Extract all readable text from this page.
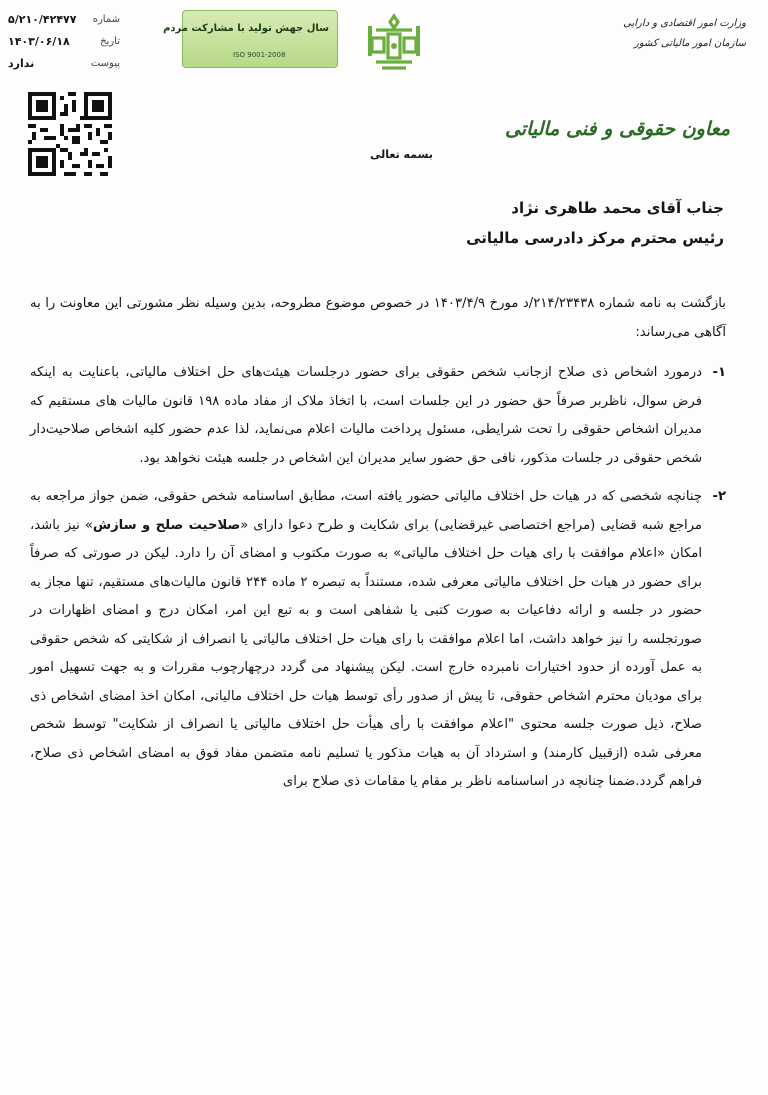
۵/۲۱۰/۴۲۴۷۷ شماره
۱۴۰۳/۰۶/۱۸	تاریخ
ندارد	پیوست
سال جهش تولید با مشارکت مردم
ISO 9001-2008
وزارت امور اقتصادی و دارایی
سازمان امور مالیاتی کشور
معاون حقوقی و فنی مالیاتی
بسمه تعالی
جناب آقای محمد طاهری نژاد
رئیس محترم مرکز دادرسی مالیاتی

بازگشت به نامه شماره ۲۱۴/۲۳۴۳۸/د مورخ ۱۴۰۳/۴/۹ در خصوص موضوع مطروحه، بدین وسیله نظر مشورتی این معاونت را به آگاهی می‌رساند:

۱-
درمورد اشخاص ذی صلاح ازجانب شخص حقوقی برای حضور درجلسات هیئت‌های حل اختلاف مالیاتی، باعنایت به اینکه فرض سوال، ناظربر صرفاً حق حضور در این جلسات است، با اتخاذ ملاک از مفاد ماده ۱۹۸ قانون مالیات های مستقیم که مدیران اشخاص حقوقی را تحت شرایطی، مسئول پرداخت مالیات اعلام می‌نماید، لذا عدم حضور کلیه اشخاص صلاحیت‌دار شخص حقوقی در جلسات مذکور، نافی حق حضور سایر مدیران این اشخاص در جلسه هیئت نخواهد بود.
۲-
چنانچه شخصی که در هیات حل اختلاف مالیاتی حضور یافته است، مطابق اساسنامه شخص حقوقی، ضمن جواز مراجعه به مراجع شبه قضایی (مراجع اختصاصی غیرقضایی) برای شکایت و طرح دعوا دارای «صلاحیت صلح و سازش» نیز باشد، امکان «اعلام موافقت با رای هیات حل اختلاف مالیاتی» به صورت مکتوب و امضای آن را دارد. لیکن در صورتی که صرفاً برای حضور در هیات حل اختلاف مالیاتی معرفی شده، مستنداً به تبصره ۲ ماده ۲۴۴ قانون مالیات‌های مستقیم، تنها مجاز به حضور در جلسه و ارائه دفاعیات به صورت کتبی یا شفاهی است و به تبع این امر، امکان درج و امضای اظهارات در صورتجلسه را نیز خواهد داشت، اما اعلام موافقت با رای هیات حل اختلاف مالیاتی یا انصراف از شکایتی که شخص حقوقی به عمل آورده از حدود اختیارات نامبرده خارج است. لیکن پیشنهاد می گردد درچهارچوب مقررات و به جهت تسهیل امور برای مودیان محترم اشخاص حقوقی، تا پیش از صدور رأی توسط هیات حل اختلاف مالیاتی، امکان اخذ امضای اشخاص ذی صلاح، ذیل صورت جلسه محتوی "اعلام موافقت با رأی هیأت حل اختلاف مالیاتی یا انصراف از شکایت" توسط شخص معرفی شده (ازقبیل کارمند) و استرداد آن به هیات مذکور یا تسلیم نامه متضمن مفاد فوق به امضای اشخاص ذی صلاح، فراهم گردد.ضمنا چنانچه در اساسنامه ناظر بر مقام یا مقامات ذی صلاح برای
